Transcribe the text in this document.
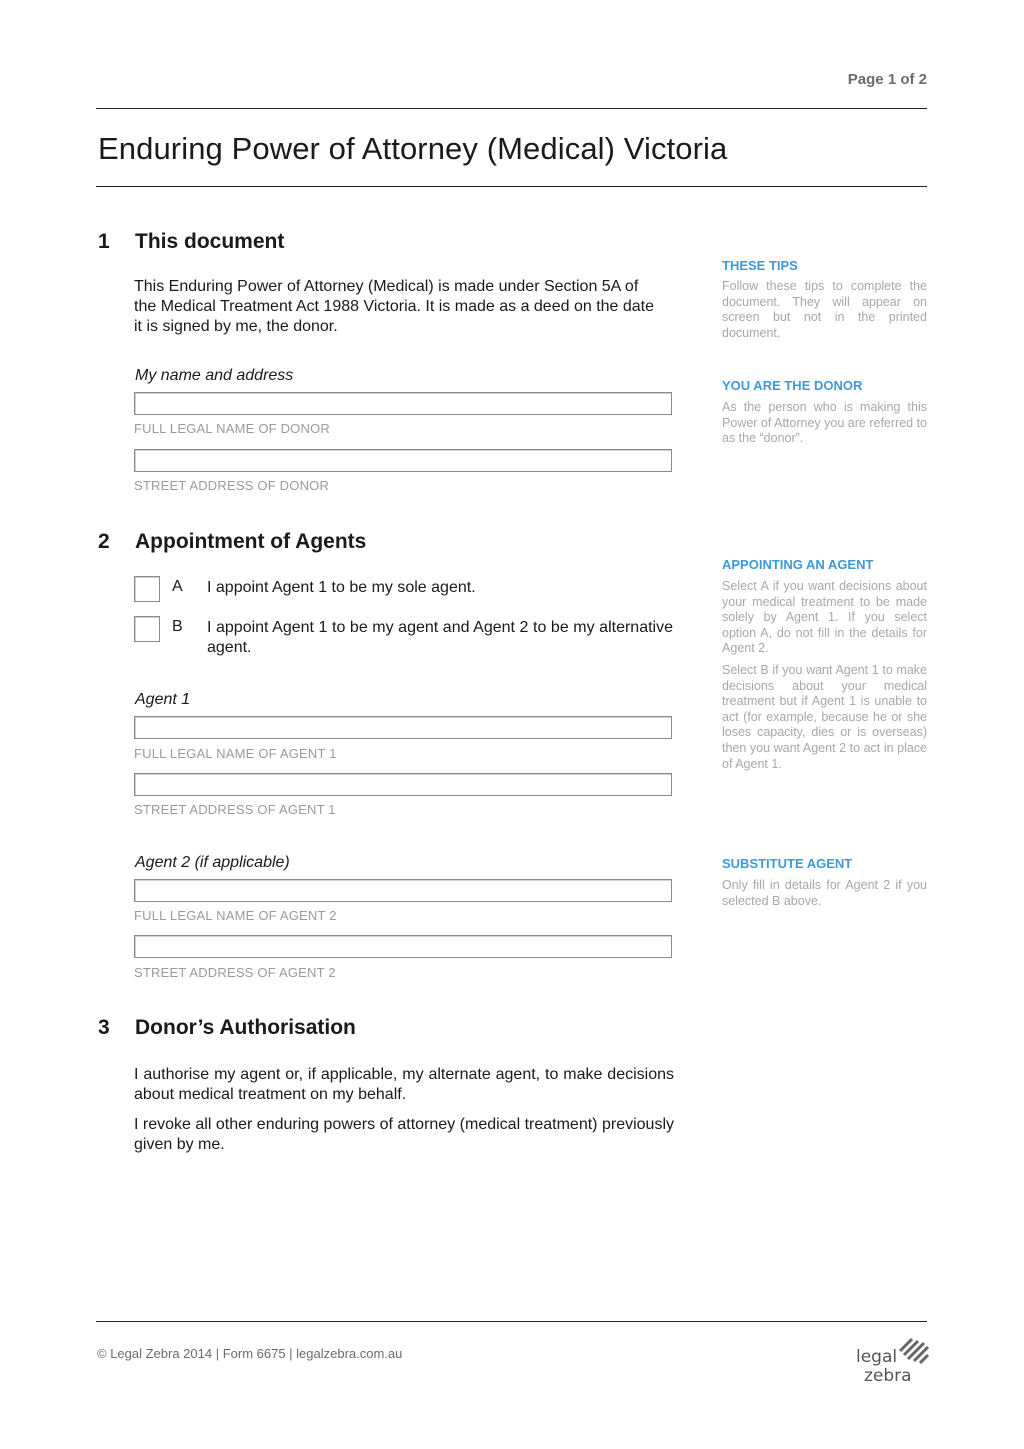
Page 1 of 2
Enduring Power of Attorney (Medical) Victoria
1 This document
This Enduring Power of Attorney (Medical) is made under Section 5A of the Medical Treatment Act 1988 Victoria. It is made as a deed on the date it is signed by me, the donor.
My name and address
FULL LEGAL NAME OF DONOR
STREET ADDRESS OF DONOR
2 Appointment of Agents
A I appoint Agent 1 to be my sole agent.
B I appoint Agent 1 to be my agent and Agent 2 to be my alternative agent.
Agent 1
FULL LEGAL NAME OF AGENT 1
STREET ADDRESS OF AGENT 1
Agent 2 (if applicable)
FULL LEGAL NAME OF AGENT 2
STREET ADDRESS OF AGENT 2
3 Donor’s Authorisation
I authorise my agent or, if applicable, my alternate agent, to make decisions about medical treatment on my behalf.
I revoke all other enduring powers of attorney (medical treatment) previously given by me.
THESE TIPS
Follow these tips to complete the document. They will appear on screen but not in the printed document.
YOU ARE THE DONOR
As the person who is making this Power of Attorney you are referred to as the “donor”.
APPOINTING AN AGENT
Select A if you want decisions about your medical treatment to be made solely by Agent 1. If you select option A, do not fill in the details for Agent 2.
Select B if you want Agent 1 to make decisions about your medical treatment but if Agent 1 is unable to act (for example, because he or she loses capacity, dies or is overseas) then you want Agent 2 to act in place of Agent 1.
SUBSTITUTE AGENT
Only fill in details for Agent 2 if you selected B above.
© Legal Zebra 2014 | Form 6675 | legalzebra.com.au	legal
zebra
